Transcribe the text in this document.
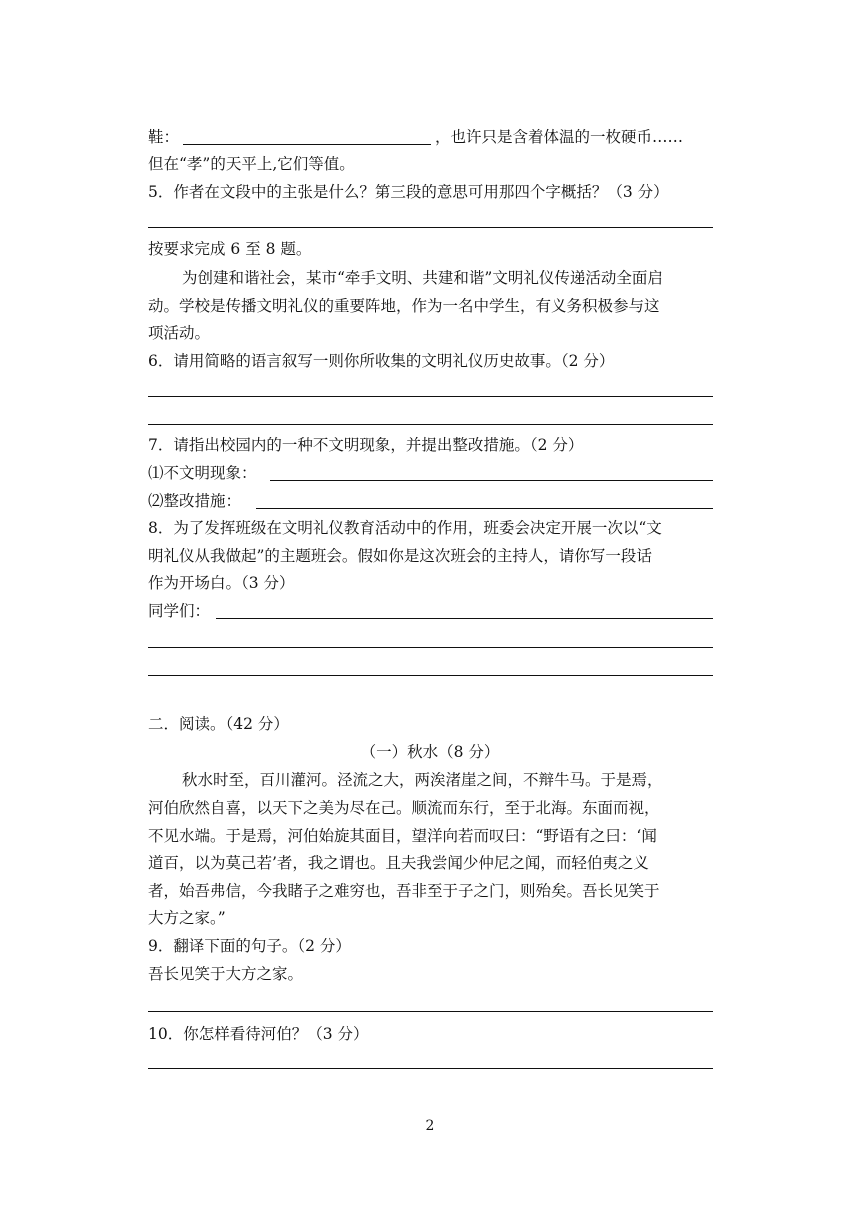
鞋：	，也许只是含着体温的一枚硬币……
但在“孝”的天平上,它们等值。
5．作者在文段中的主张是什么？第三段的意思可用那四个字概括？（3 分）
按要求完成 6 至 8 题。
为创建和谐社会，某市“牵手文明、共建和谐”文明礼仪传递活动全面启
动。学校是传播文明礼仪的重要阵地，作为一名中学生，有义务积极参与这
项活动。
6．请用简略的语言叙写一则你所收集的文明礼仪历史故事。（2 分）
7．请指出校园内的一种不文明现象，并提出整改措施。（2 分）
⑴不文明现象：
⑵整改措施：
8．为了发挥班级在文明礼仪教育活动中的作用，班委会决定开展一次以“文
明礼仪从我做起”的主题班会。假如你是这次班会的主持人，请你写一段话
作为开场白。（3 分）
同学们：
二．阅读。（42 分）
（一）秋水（8 分）
秋水时至，百川灌河。泾流之大，两涘渚崖之间，不辩牛马。于是焉，
河伯欣然自喜，以天下之美为尽在己。顺流而东行，至于北海。东面而视，
不见水端。于是焉，河伯始旋其面目，望洋向若而叹曰：“野语有之曰：‘闻
道百，以为莫己若’者，我之谓也。且夫我尝闻少仲尼之闻，而轻伯夷之义
者，始吾弗信，今我睹子之难穷也，吾非至于子之门，则殆矣。吾长见笑于
大方之家。”
9．翻译下面的句子。（2 分）
吾长见笑于大方之家。
10．你怎样看待河伯？（3 分）
2
